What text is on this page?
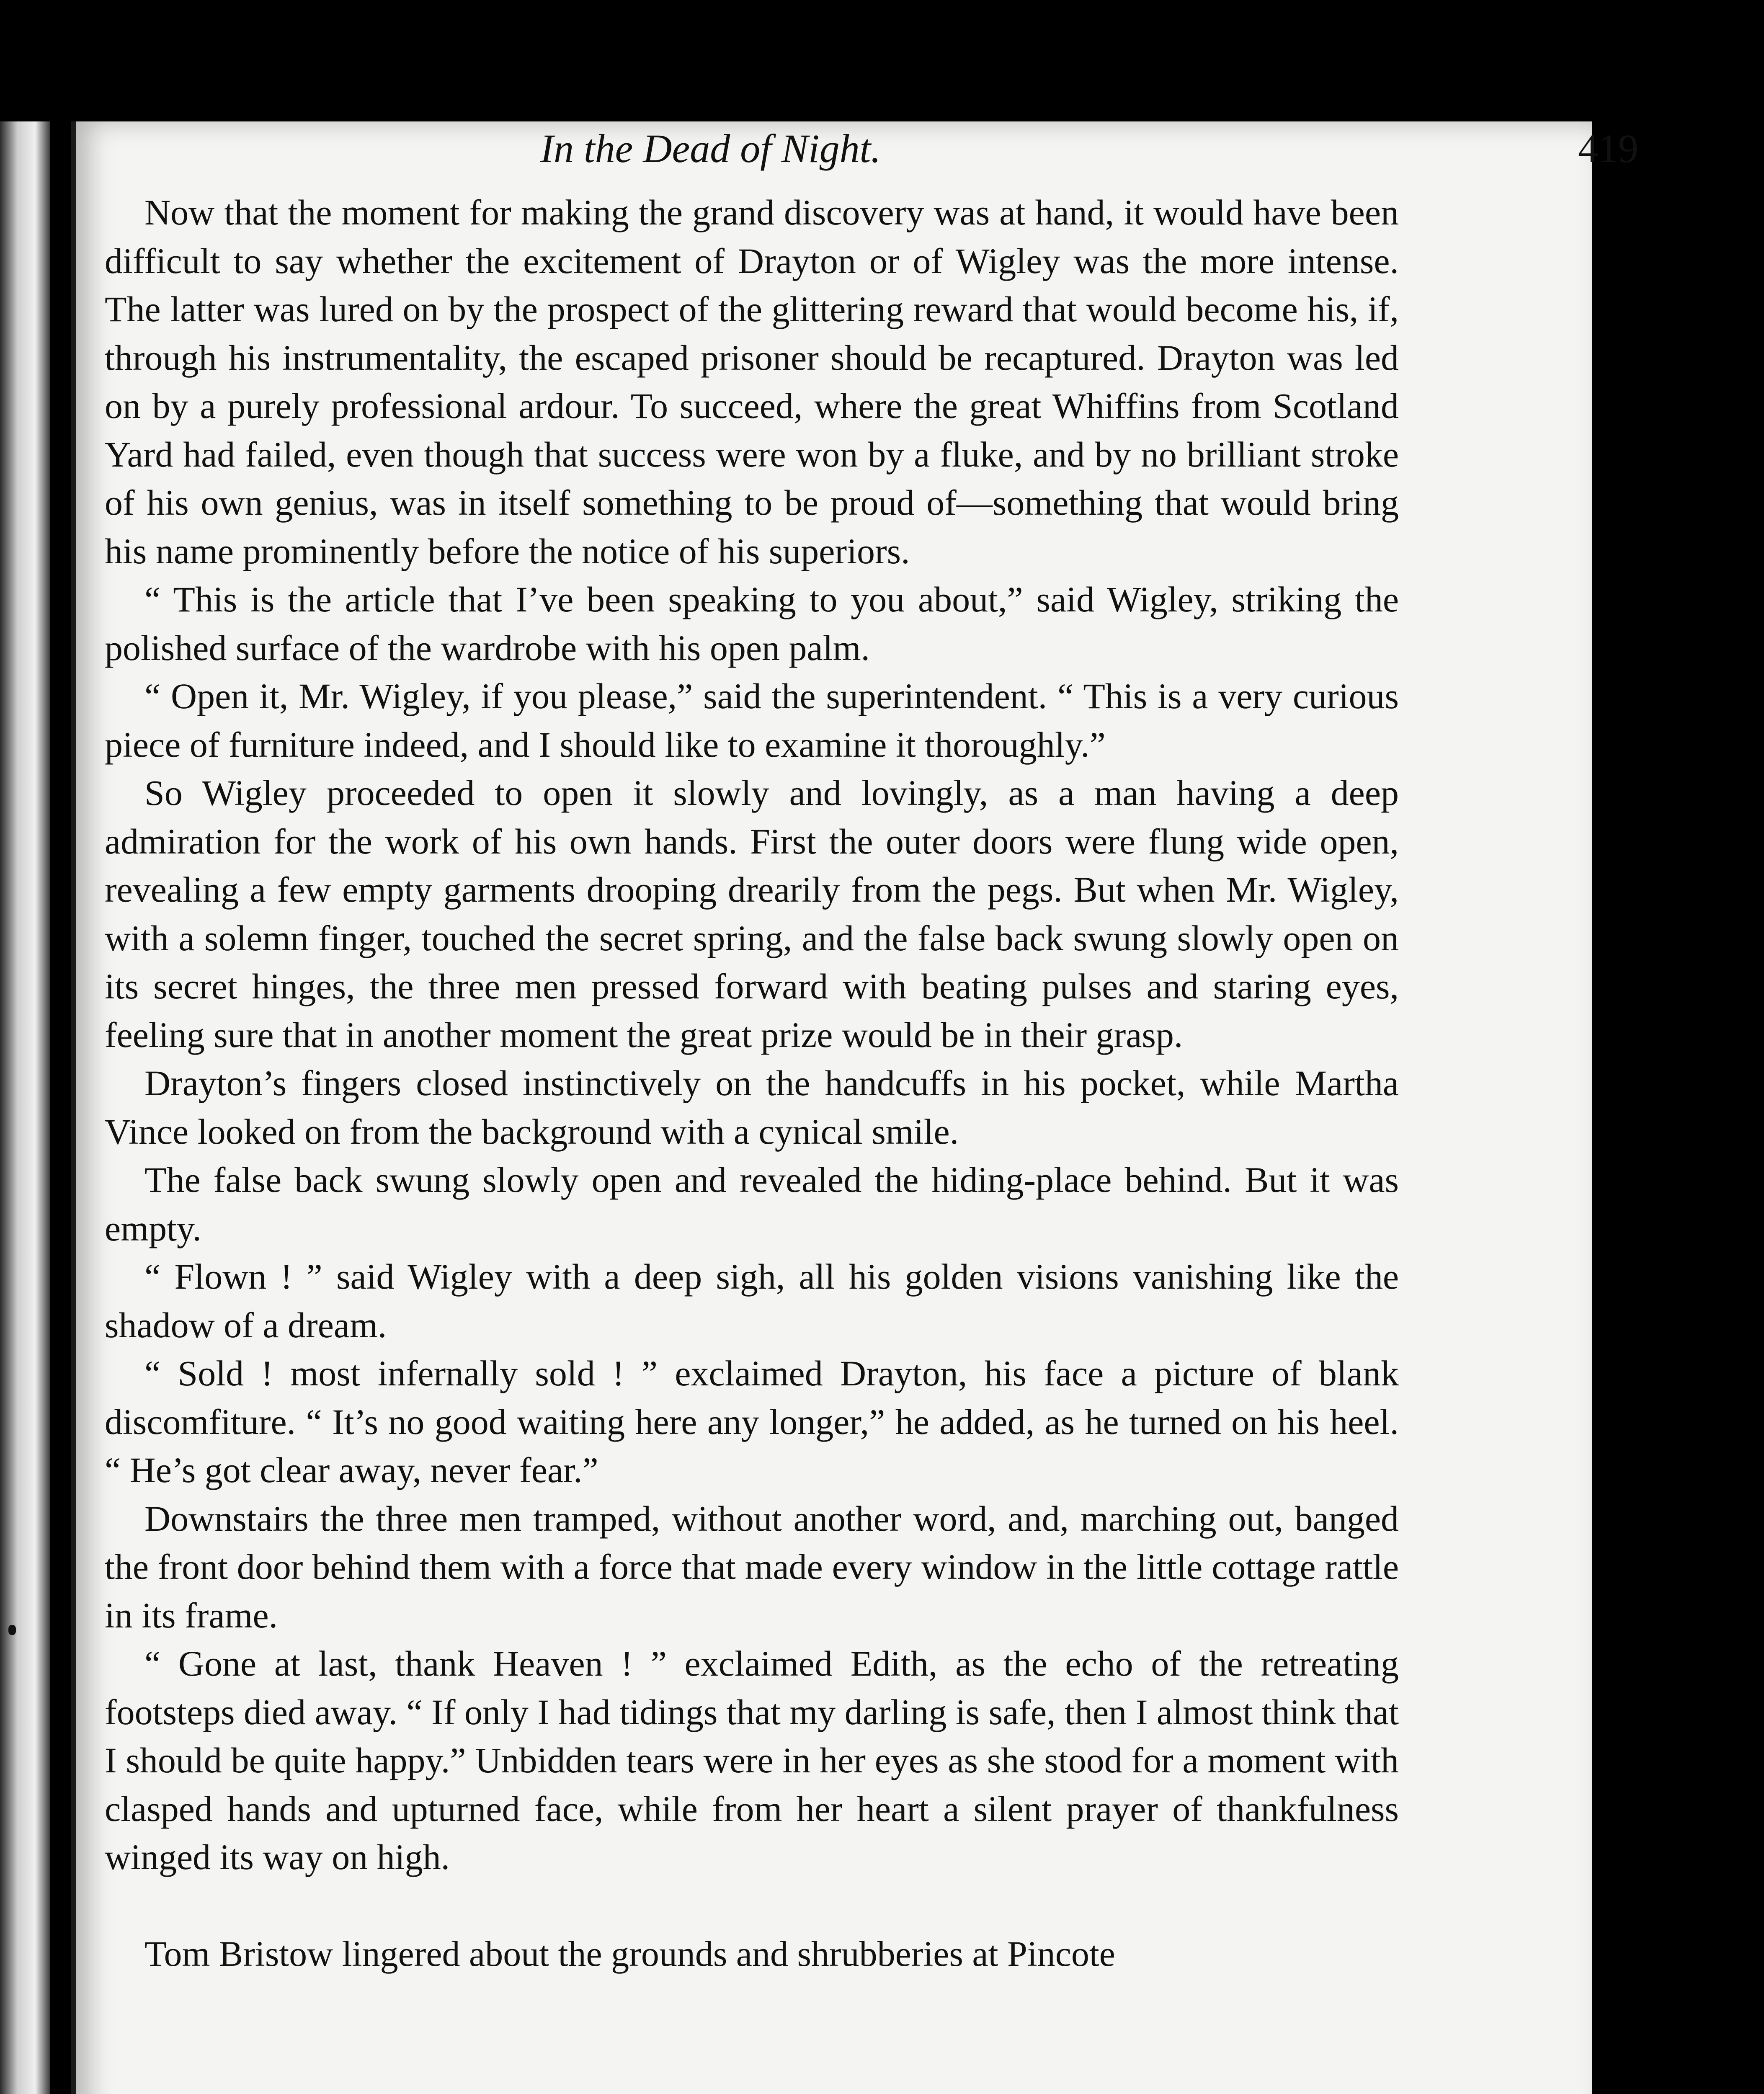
In the Dead of Night.	419

Now that the moment for making the grand discovery was at hand, it would have been difficult to say whether the excitement of Drayton or of Wigley was the more intense. The latter was lured on by the prospect of the glittering reward that would become his, if, through his instrumentality, the escaped prisoner should be recaptured. Drayton was led on by a purely professional ardour. To succeed, where the great Whiffins from Scotland Yard had failed, even though that success were won by a fluke, and by no brilliant stroke of his own genius, was in itself something to be proud of—something that would bring his name prominently before the notice of his superiors.

“ This is the article that I’ve been speaking to you about,” said Wigley, striking the polished surface of the wardrobe with his open palm.

“ Open it, Mr. Wigley, if you please,” said the superintendent. “ This is a very curious piece of furniture indeed, and I should like to examine it thoroughly.”

So Wigley proceeded to open it slowly and lovingly, as a man having a deep admiration for the work of his own hands. First the outer doors were flung wide open, revealing a few empty garments drooping drearily from the pegs. But when Mr. Wigley, with a solemn finger, touched the secret spring, and the false back swung slowly open on its secret hinges, the three men pressed forward with beating pulses and staring eyes, feeling sure that in another moment the great prize would be in their grasp.

Drayton’s fingers closed instinctively on the handcuffs in his pocket, while Martha Vince looked on from the background with a cynical smile.

The false back swung slowly open and revealed the hiding-place behind. But it was empty.

“ Flown ! ” said Wigley with a deep sigh, all his golden visions vanishing like the shadow of a dream.

“ Sold ! most infernally sold ! ” exclaimed Drayton, his face a picture of blank discomfiture. “ It’s no good waiting here any longer,” he added, as he turned on his heel. “ He’s got clear away, never fear.”

Downstairs the three men tramped, without another word, and, marching out, banged the front door behind them with a force that made every window in the little cottage rattle in its frame.

“ Gone at last, thank Heaven ! ” exclaimed Edith, as the echo of the retreating footsteps died away. “ If only I had tidings that my darling is safe, then I almost think that I should be quite happy.” Unbidden tears were in her eyes as she stood for a moment with clasped hands and upturned face, while from her heart a silent prayer of thankfulness winged its way on high.

Tom Bristow lingered about the grounds and shrubberies at Pincote
